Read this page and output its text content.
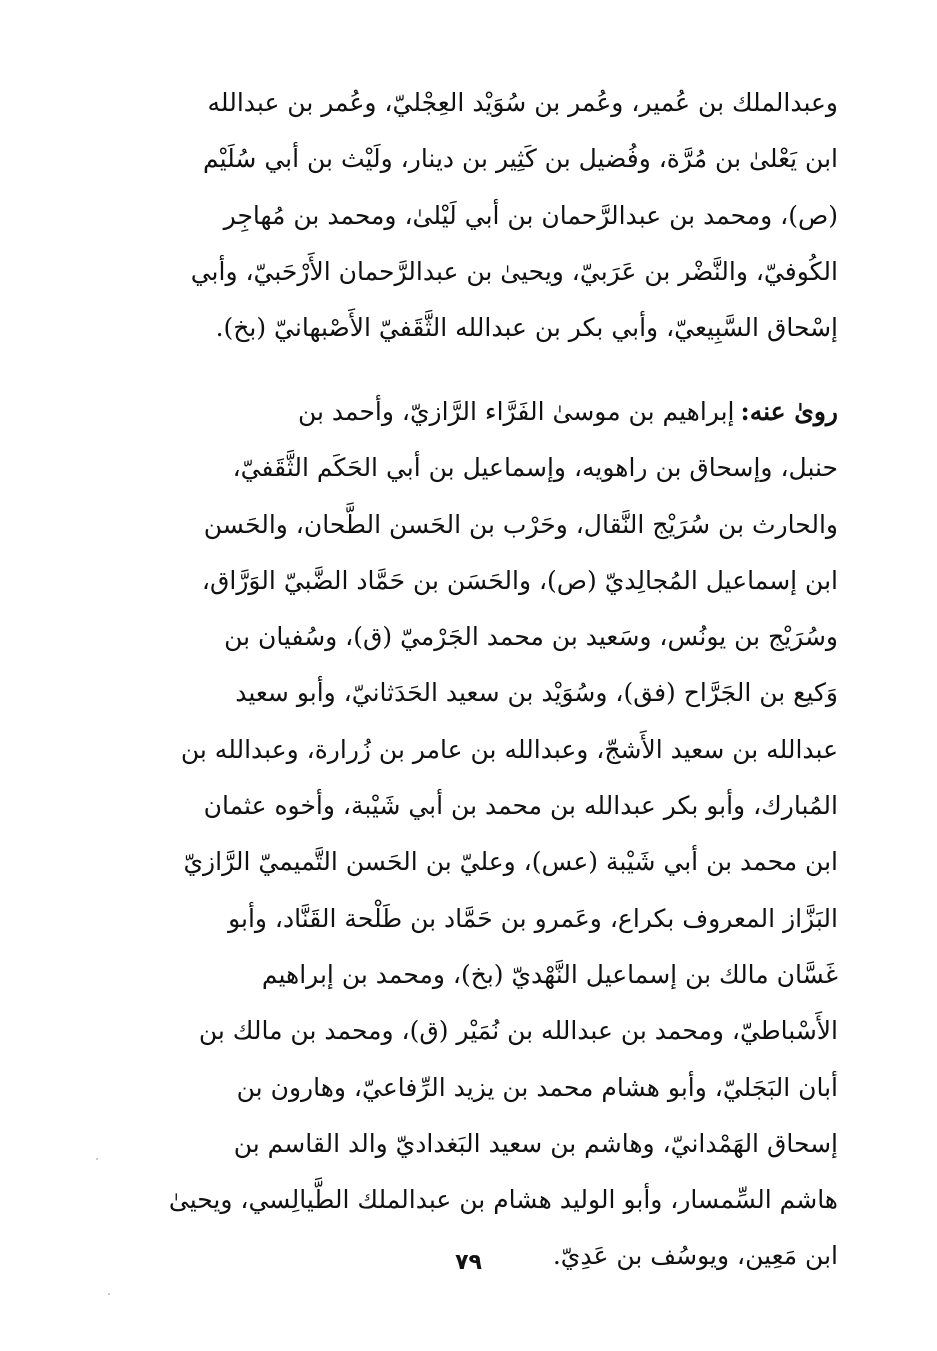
وعبدالملك بن عُمير، وعُمر بن سُوَيْد العِجْليّ، وعُمر بن عبدالله
ابن يَعْلىٰ بن مُرَّة، وفُضيل بن كَثِير بن دينار، ولَيْث بن أبي سُلَيْم
(ص)، ومحمد بن عبدالرَّحمان بن أبي لَيْلىٰ، ومحمد بن مُهاجِر
الكُوفيّ، والنَّضْر بن عَرَبيّ، ويحيىٰ بن عبدالرَّحمان الأَرْحَبيّ، وأبي
إسْحاق السَّبِيعيّ، وأبي بكر بن عبدالله الثَّقَفيّ الأَصْبهانيّ (بخ).
روىٰ عنه:إبراهيم بن موسىٰ الفَرَّاء الرَّازيّ، وأحمد بن
حنبل، وإسحاق بن راهويه، وإسماعيل بن أبي الحَكَم الثَّقَفيّ،
والحارث بن سُرَيْج النَّقال، وحَرْب بن الحَسن الطَّحان، والحَسن
ابن إسماعيل المُجالِديّ (ص)، والحَسَن بن حَمَّاد الضَّبيّ الوَرَّاق،
وسُرَيْج بن يونُس، وسَعيد بن محمد الجَرْميّ (ق)، وسُفيان بن
وَكيع بن الجَرَّاح (فق)، وسُوَيْد بن سعيد الحَدَثانيّ، وأبو سعيد
عبدالله بن سعيد الأَشجّ، وعبدالله بن عامر بن زُرارة، وعبدالله بن
المُبارك، وأبو بكر عبدالله بن محمد بن أبي شَيْبة، وأخوه عثمان
ابن محمد بن أبي شَيْبة (عس)، وعليّ بن الحَسن التَّميميّ الرَّازيّ
البَزَّاز المعروف بكراع، وعَمرو بن حَمَّاد بن طَلْحة القَنَّاد، وأبو
غَسَّان مالك بن إسماعيل النَّهْديّ (بخ)، ومحمد بن إبراهيم
الأَسْباطيّ، ومحمد بن عبدالله بن نُمَيْر (ق)، ومحمد بن مالك بن
أبان البَجَليّ، وأبو هشام محمد بن يزيد الرِّفاعيّ، وهارون بن
إسحاق الهَمْدانيّ، وهاشم بن سعيد البَغداديّ والد القاسم بن
هاشم السِّمسار، وأبو الوليد هشام بن عبدالملك الطَّيالِسي، ويحيىٰ
ابن مَعِين، ويوسُف بن عَدِيّ.
٧٩
